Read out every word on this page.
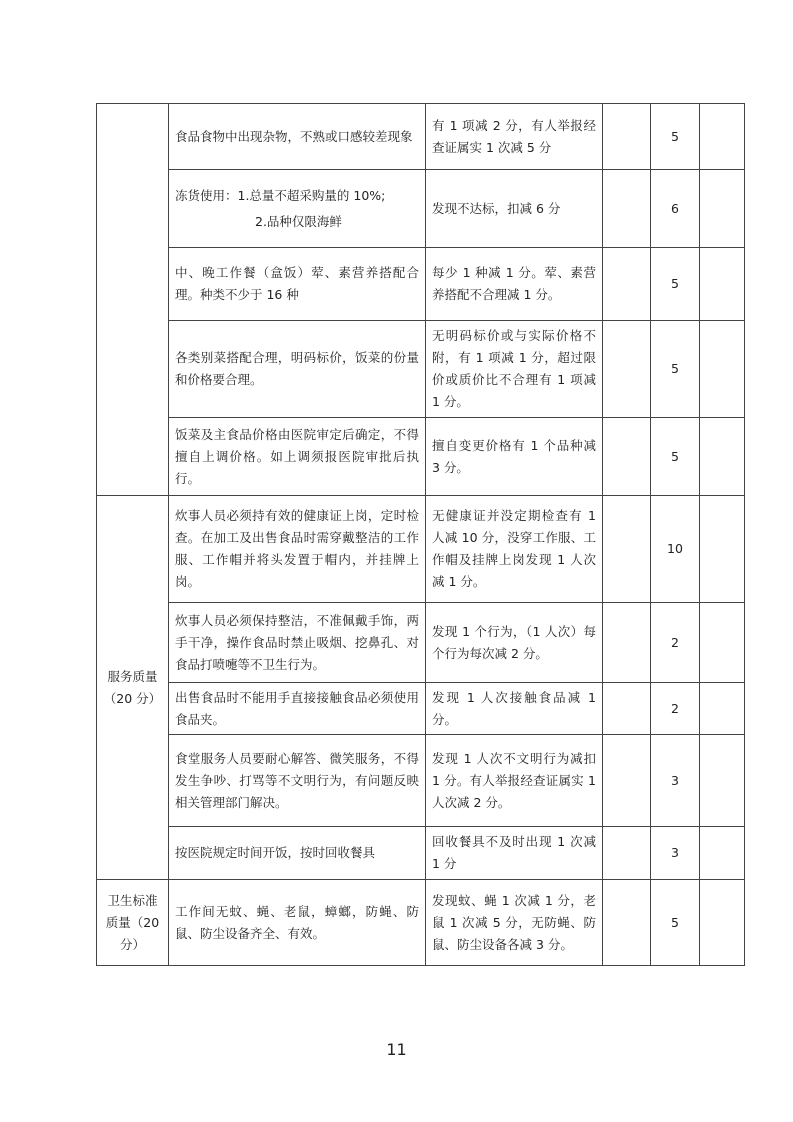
	食品食物中出现杂物，不熟或口感较差现象	有 1 项减 2 分，有人举报经查证属实 1 次减 5 分		5	
	冻货使用：1.总量不超采购量的 10%;
2.品种仅限海鲜	发现不达标，扣减 6 分		6	
	中、晚工作餐（盒饭）荤、素营养搭配合理。种类不少于 16 种	每少 1 种减 1 分。荤、素营养搭配不合理减 1 分。		5	
	各类别菜搭配合理，明码标价，饭菜的份量和价格要合理。	无明码标价或与实际价格不附，有 1 项减 1 分，超过限价或质价比不合理有 1 项减 1 分。		5	
	饭菜及主食品价格由医院审定后确定，不得擅自上调价格。如上调须报医院审批后执行。	擅自变更价格有 1 个品种减 3 分。		5	
服务质量（20 分）	炊事人员必须持有效的健康证上岗，定时检查。在加工及出售食品时需穿戴整洁的工作服、工作帽并将头发置于帽内，并挂牌上岗。	无健康证并没定期检查有 1 人减 10 分，没穿工作服、工作帽及挂牌上岗发现 1 人次减 1 分。		10	
	炊事人员必须保持整洁，不准佩戴手饰，两手干净，操作食品时禁止吸烟、挖鼻孔、对食品打喷嚏等不卫生行为。	发现 1 个行为，（1 人次）每个行为每次减 2 分。		2	
	出售食品时不能用手直接接触食品必须使用食品夹。	发现 1 人次接触食品减 1 分。		2	
	食堂服务人员要耐心解答、微笑服务，不得发生争吵、打骂等不文明行为，有问题反映相关管理部门解决。	发现 1 人次不文明行为减扣 1 分。有人举报经查证属实 1 人次减 2 分。		3	
	按医院规定时间开饭，按时回收餐具	回收餐具不及时出现 1 次减 1 分		3	
卫生标准质量（20 分）	工作间无蚊、蝇、老鼠，蟑螂，防蝇、防鼠、防尘设备齐全、有效。	发现蚊、蝇 1 次减 1 分，老鼠 1 次减 5 分，无防蝇、防鼠、防尘设备各减 3 分。		5	
11
